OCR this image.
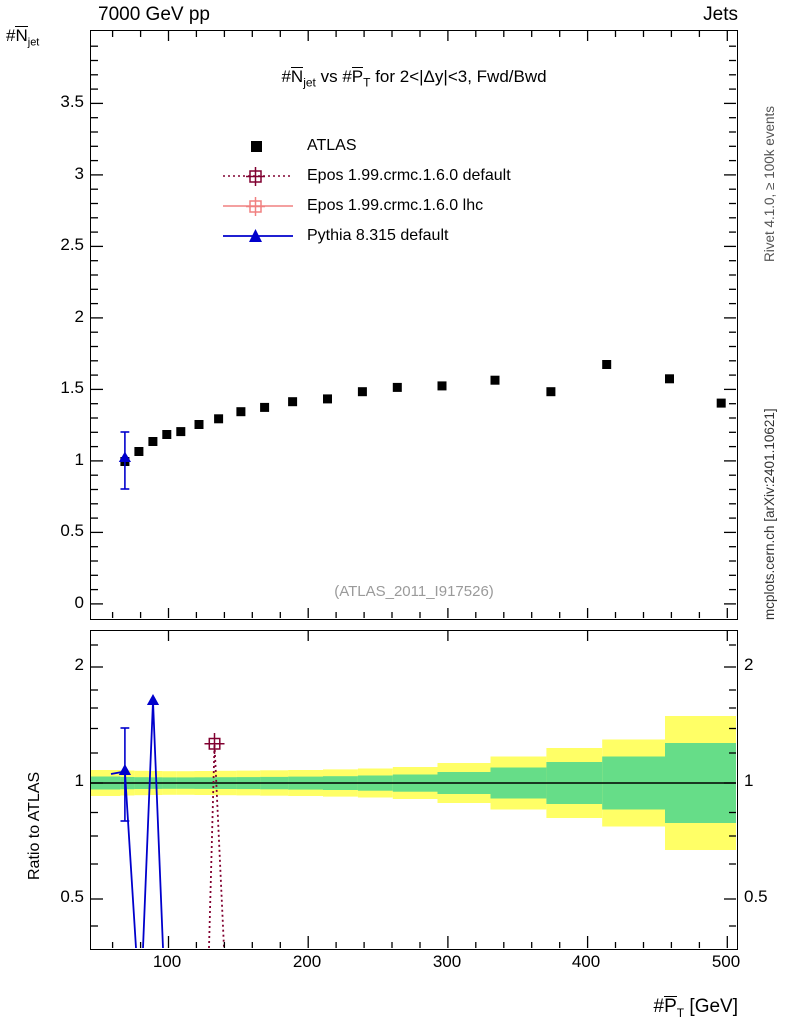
7000 GeV pp	Jets
Rivet 4.1.0, ≥ 100k events
mcplots.cern.ch [arXiv:2401.10621]
$\#N_{jet}$ vs $\#P_T$ for 2<|Δy|<3, Fwd/Bwd
(ATLAS_2011_I917526)
ATLAS
Epos 1.99.crmc.1.6.0 default
Epos 1.99.crmc.1.6.0 lhc
Pythia 8.315 default
$\#N_{jet}$
0
0.5
1
1.5
2
2.5
3
3.5
Ratio to ATLAS
0.5
1
2
0.5
1
2
100	200	300	400	500
$\#P_T$ [GeV]
